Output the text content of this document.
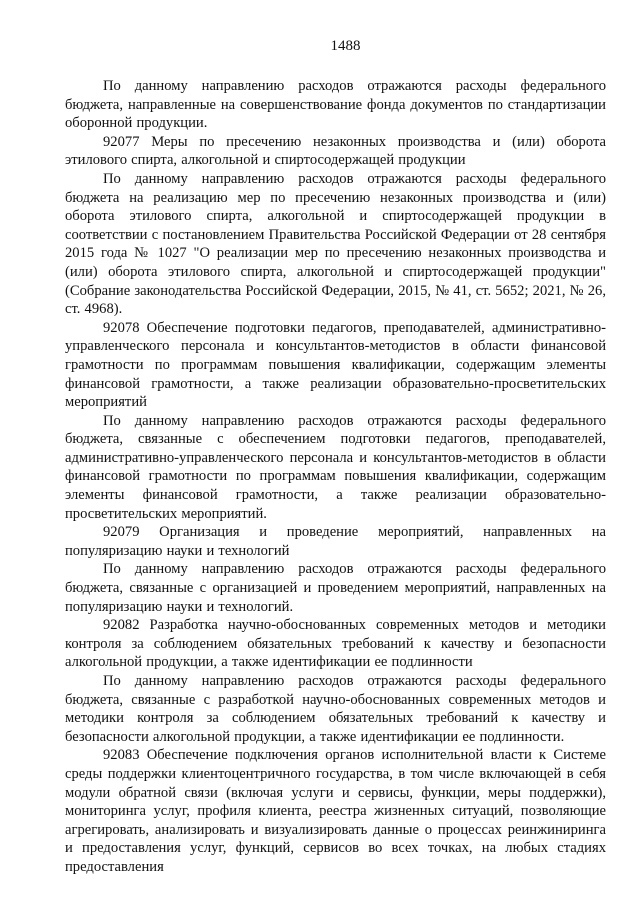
1488

По данному направлению расходов отражаются расходы федерального бюджета, направленные на совершенствование фонда документов по стандартизации оборонной продукции.

92077 Меры по пресечению незаконных производства и (или) оборота этилового спирта, алкогольной и спиртосодержащей продукции

По данному направлению расходов отражаются расходы федерального бюджета на реализацию мер по пресечению незаконных производства и (или) оборота этилового спирта, алкогольной и спиртосодержащей продукции в соответствии с постановлением Правительства Российской Федерации от 28 сентября 2015 года № 1027 "О реализации мер по пресечению незаконных производства и (или) оборота этилового спирта, алкогольной и спиртосодержащей продукции" (Собрание законодательства Российской Федерации, 2015, № 41, ст. 5652; 2021, № 26, ст. 4968).

92078 Обеспечение подготовки педагогов, преподавателей, административно-управленческого персонала и консультантов-методистов в области финансовой грамотности по программам повышения квалификации, содержащим элементы финансовой грамотности, а также реализации образовательно-просветительских мероприятий

По данному направлению расходов отражаются расходы федерального бюджета, связанные с обеспечением подготовки педагогов, преподавателей, административно-управленческого персонала и консультантов-методистов в области финансовой грамотности по программам повышения квалификации, содержащим элементы финансовой грамотности, а также реализации образовательно-просветительских мероприятий.

92079 Организация и проведение мероприятий, направленных на популяризацию науки и технологий

По данному направлению расходов отражаются расходы федерального бюджета, связанные с организацией и проведением мероприятий, направленных на популяризацию науки и технологий.

92082 Разработка научно-обоснованных современных методов и методики контроля за соблюдением обязательных требований к качеству и безопасности алкогольной продукции, а также идентификации ее подлинности

По данному направлению расходов отражаются расходы федерального бюджета, связанные с разработкой научно-обоснованных современных методов и методики контроля за соблюдением обязательных требований к качеству и безопасности алкогольной продукции, а также идентификации ее подлинности.

92083 Обеспечение подключения органов исполнительной власти к Системе среды поддержки клиентоцентричного государства, в том числе включающей в себя модули обратной связи (включая услуги и сервисы, функции, меры поддержки), мониторинга услуг, профиля клиента, реестра жизненных ситуаций, позволяющие агрегировать, анализировать и визуализировать данные о процессах реинжиниринга и предоставления услуг, функций, сервисов во всех точках, на любых стадиях предоставления
